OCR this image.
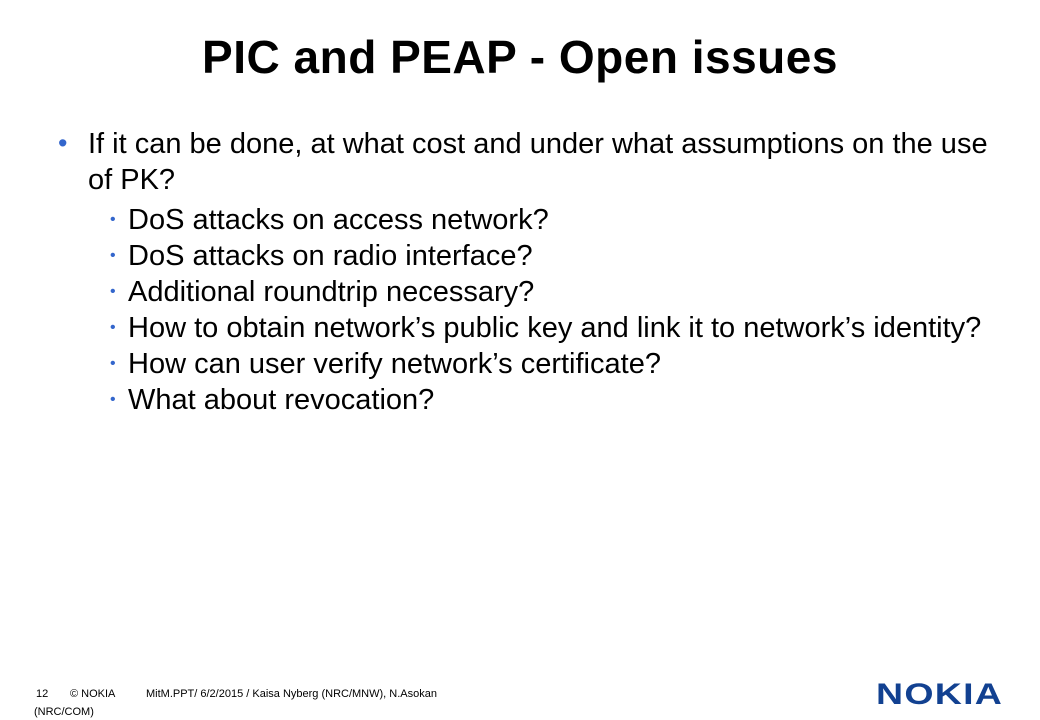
PIC and PEAP - Open issues
• If it can be done, at what cost and under what assumptions on the use of PK?
• DoS attacks on access network?
• DoS attacks on radio interface?
• Additional roundtrip necessary?
• How to obtain network’s public key and link it to network’s identity?
• How can user verify network’s certificate?
• What about revocation?
12 © NOKIA	MitM.PPT/ 6/2/2015 / Kaisa Nyberg (NRC/MNW), N.Asokan
(NRC/COM)
NOKIA
